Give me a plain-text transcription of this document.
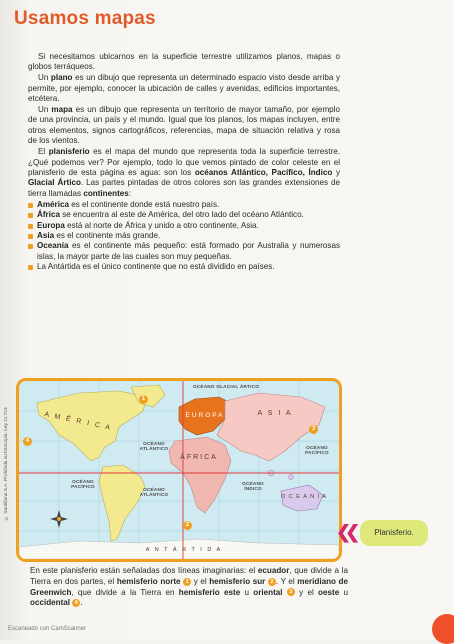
Usamos mapas
© Santillana S.A. Prohibida su fotocopia. Ley 11.723

Si necesitamos ubicarnos en la superficie terrestre utilizamos planos, mapas o globos terráqueos.

Un plano es un dibujo que representa un determinado espacio visto desde arriba y permite, por ejemplo, conocer la ubicación de calles y avenidas, edificios importantes, etcétera.

Un mapa es un dibujo que representa un territorio de mayor tamaño, por ejemplo de una provincia, un país y el mundo. Igual que los planos, los mapas incluyen, entre otros elementos, signos cartográficos, referencias, mapa de situación relativa y rosa de los vientos.

El planisferio es el mapa del mundo que representa toda la superficie terrestre. ¿Qué podemos ver? Por ejemplo, todo lo que vemos pintado de color celeste en el planisferio de esta página es agua: son los océanos Atlántico, Pacífico, Índico y Glacial Ártico. Las partes pintadas de otros colores son las grandes extensiones de tierra llamadas continentes:

América es el continente donde está nuestro país.
África se encuentra al este de América, del otro lado del océano Atlántico.
Europa está al norte de África y unido a otro continente, Asia.
Asia es el continente más grande.
Oceanía es el continente más pequeño: está formado por Australia y numerosas islas, la mayor parte de las cuales son muy pequeñas.
La Antártida es el único continente que no está dividido en países.
OCÉANO GLACIAL ÁRTICO
A M É R I C A	EUROPA	A S I A
ÁFRICA
OCÉANO ATLÁNTICO
OCÉANO ATLÁNTICO
OCÉANO PACÍFICO
OCÉANO PACÍFICO
OCÉANO ÍNDICO
O C E A N Í A
A N T Á R T I D A
1
2
3
4
❮❮	Planisferio.
En este planisferio están señaladas dos líneas imaginarias: el ecuador, que divide a la Tierra en dos partes, el hemisferio norte 1 y el hemisferio sur 2 . Y el meridiano de Greenwich, que divide a la Tierra en hemisferio este u oriental 3 y el oeste u occidental 4 .
Escaneado con CamScanner
